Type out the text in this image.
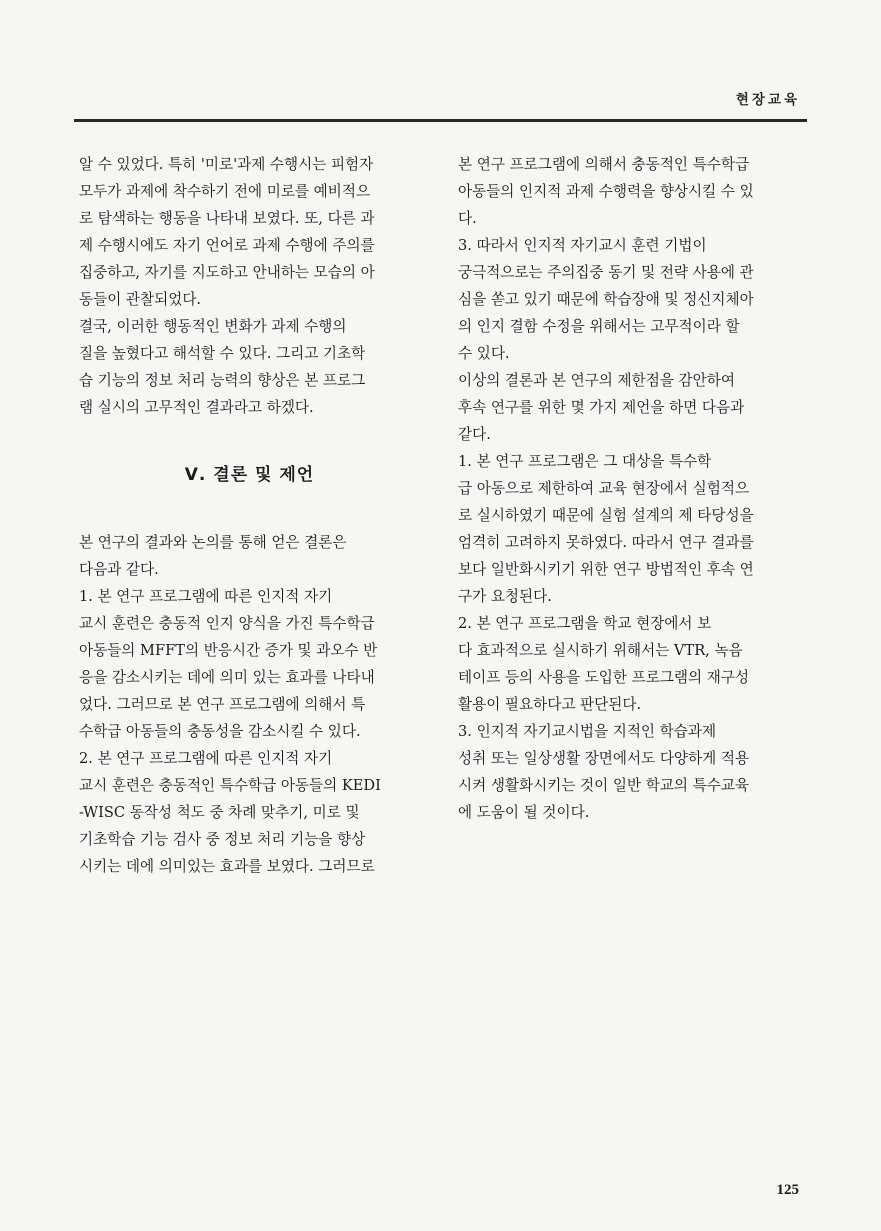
현장교육

알 수 있었다. 특히 '미로'과제 수행시는 피험자
모두가 과제에 착수하기 전에 미로를 예비적으
로 탐색하는 행동을 나타내 보였다. 또, 다른 과
제 수행시에도 자기 언어로 과제 수행에 주의를
집중하고, 자기를 지도하고 안내하는 모습의 아
동들이 관찰되었다.

결국, 이러한 행동적인 변화가 과제 수행의
질을 높혔다고 해석할 수 있다. 그리고 기초학
습 기능의 정보 처리 능력의 향상은 본 프로그
램 실시의 고무적인 결과라고 하겠다.

Ⅴ. 결론 및 제언

본 연구의 결과와 논의를 통해 얻은 결론은
다음과 같다.

1. 본 연구 프로그램에 따른 인지적 자기
교시 훈련은 충동적 인지 양식을 가진 특수학급
아동들의 MFFT의 반응시간 증가 및 과오수 반
응을 감소시키는 데에 의미 있는 효과를 나타내
었다. 그러므로 본 연구 프로그램에 의해서 특
수학급 아동들의 충동성을 감소시킬 수 있다.

2. 본 연구 프로그램에 따른 인지적 자기
교시 훈련은 충동적인 특수학급 아동들의 KEDI
-WISC 동작성 척도 중 차례 맞추기, 미로 및
기초학습 기능 검사 중 정보 처리 기능을 향상
시키는 데에 의미있는 효과를 보였다. 그러므로

본 연구 프로그램에 의해서 충동적인 특수학급
아동들의 인지적 과제 수행력을 향상시킬 수 있
다.

3. 따라서 인지적 자기교시 훈련 기법이
궁극적으로는 주의집중 동기 및 전략 사용에 관
심을 쏟고 있기 때문에 학습장애 및 정신지체아
의 인지 결함 수정을 위해서는 고무적이라 할
수 있다.

이상의 결론과 본 연구의 제한점을 감안하여
후속 연구를 위한 몇 가지 제언을 하면 다음과
같다.

1. 본 연구 프로그램은 그 대상을 특수학
급 아동으로 제한하여 교육 현장에서 실험적으
로 실시하였기 때문에 실험 설계의 제 타당성을
엄격히 고려하지 못하였다. 따라서 연구 결과를
보다 일반화시키기 위한 연구 방법적인 후속 연
구가 요청된다.

2. 본 연구 프로그램을 학교 현장에서 보
다 효과적으로 실시하기 위해서는 VTR, 녹음
테이프 등의 사용을 도입한 프로그램의 재구성
활용이 필요하다고 판단된다.

3. 인지적 자기교시법을 지적인 학습과제
성취 또는 일상생활 장면에서도 다양하게 적용
시켜 생활화시키는 것이 일반 학교의 특수교육
에 도움이 될 것이다.

125
